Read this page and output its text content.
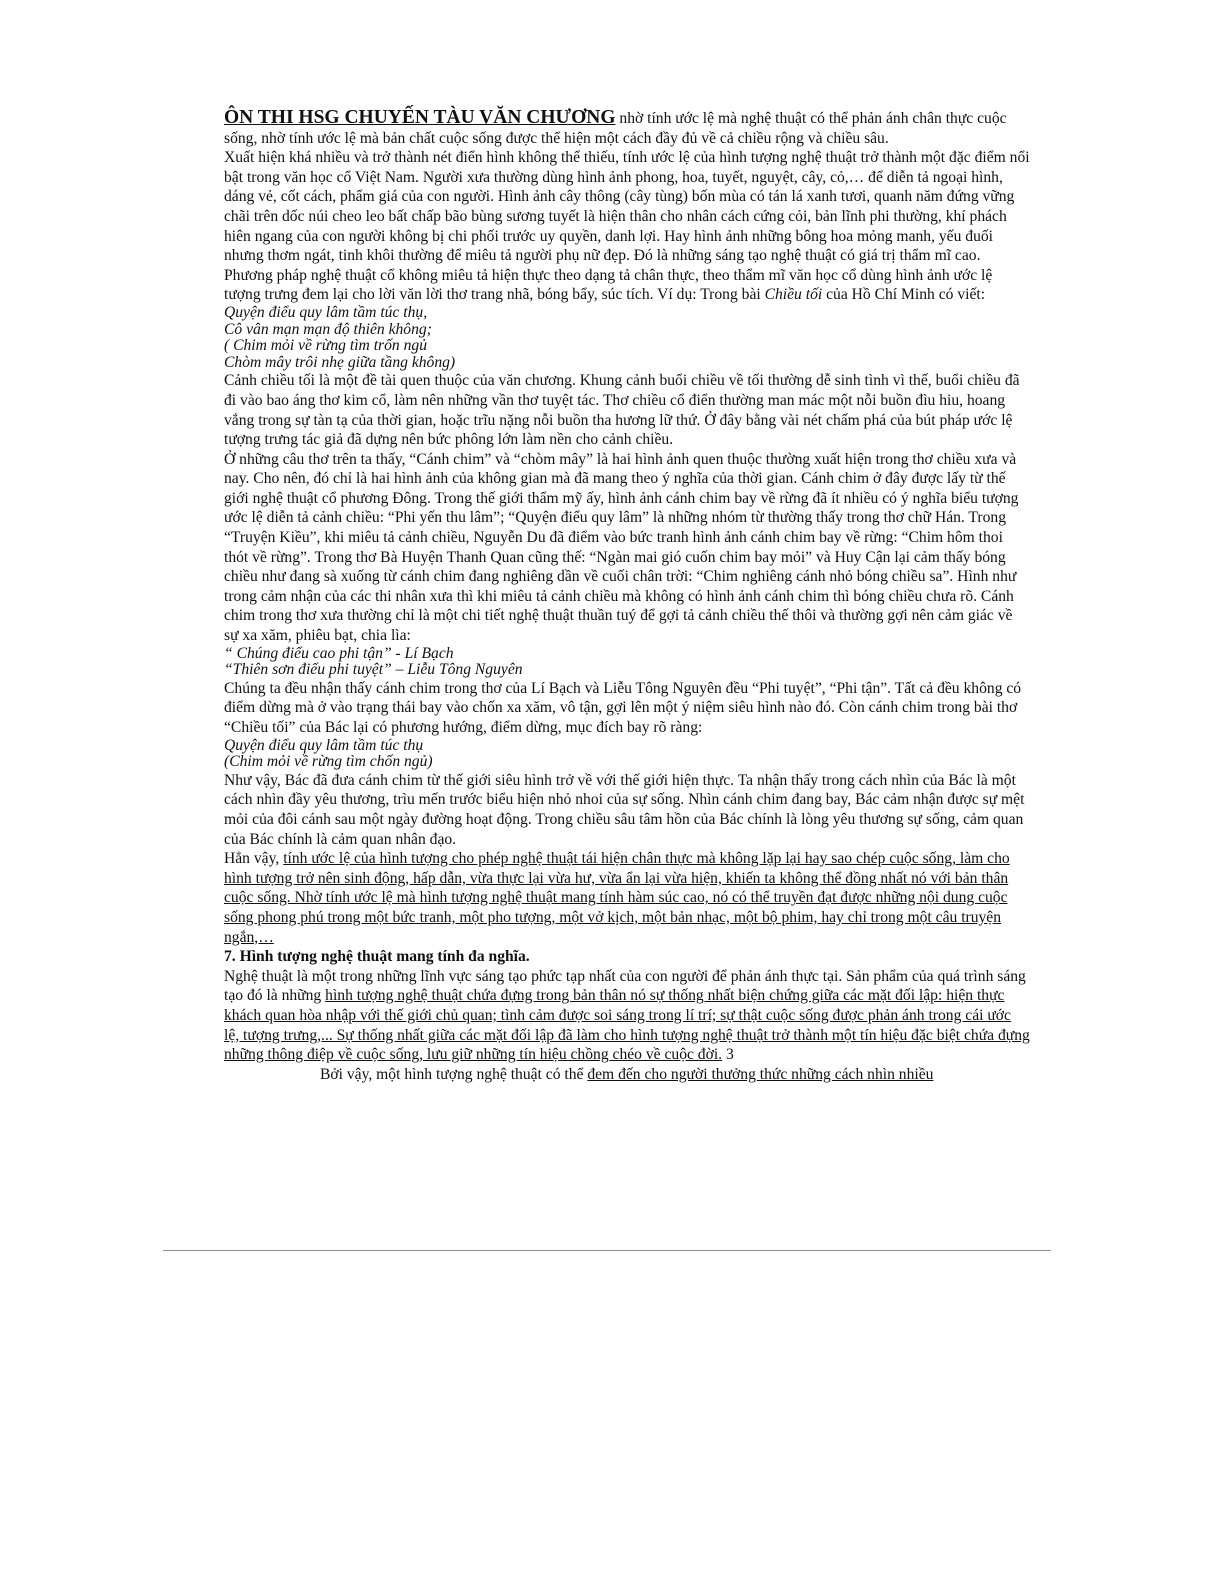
ÔN THI HSG CHUYẾN TÀU VĂN CHƯƠNG nhờ tính ước lệ mà nghệ thuật có thể phản ánh chân thực cuộc sống, nhờ tính ước lệ mà bản chất cuộc sống được thể hiện một cách đầy đủ về cả chiều rộng và chiều sâu.

Xuất hiện khá nhiều và trở thành nét điển hình không thể thiếu, tính ước lệ của hình tượng nghệ thuật trở thành một đặc điểm nổi bật trong văn học cổ Việt Nam. Người xưa thường dùng hình ảnh phong, hoa, tuyết, nguyệt, cây, cỏ,… để diễn tả ngoại hình, dáng vẻ, cốt cách, phẩm giá của con người. Hình ảnh cây thông (cây tùng) bốn mùa có tán lá xanh tươi, quanh năm đứng vững chãi trên dốc núi cheo leo bất chấp bão bùng sương tuyết là hiện thân cho nhân cách cứng cỏi, bản lĩnh phi thường, khí phách hiên ngang của con người không bị chi phối trước uy quyền, danh lợi. Hay hình ảnh những bông hoa mỏng manh, yếu đuối nhưng thơm ngát, tinh khôi thường để miêu tả người phụ nữ đẹp. Đó là những sáng tạo nghệ thuật có giá trị thẩm mĩ cao. Phương pháp nghệ thuật cổ không miêu tả hiện thực theo dạng tả chân thực, theo thẩm mĩ văn học cổ dùng hình ảnh ước lệ tượng trưng đem lại cho lời văn lời thơ trang nhã, bóng bẩy, súc tích. Ví dụ: Trong bài Chiều tối của Hồ Chí Minh có viết:

Quyện điểu quy lâm tầm túc thụ,

Cô vân mạn mạn độ thiên không;

( Chim mỏi về rừng tìm trốn ngủ

Chòm mây trôi nhẹ giữa tầng không)

Cảnh chiều tối là một đề tài quen thuộc của văn chương. Khung cảnh buổi chiều về tối thường dễ sinh tình vì thế, buổi chiều đã đi vào bao áng thơ kim cổ, làm nên những vần thơ tuyệt tác. Thơ chiều cổ điển thường man mác một nỗi buồn đìu hiu, hoang vắng trong sự tàn tạ của thời gian, hoặc trĩu nặng nỗi buồn tha hương lữ thứ. Ở đây bằng vài nét chấm phá của bút pháp ước lệ tượng trưng tác giả đã dựng nên bức phông lớn làm nền cho cảnh chiều.

Ở những câu thơ trên ta thấy, “Cánh chim” và “chòm mây” là hai hình ảnh quen thuộc thường xuất hiện trong thơ chiều xưa và nay. Cho nên, đó chỉ là hai hình ảnh của không gian mà đã mang theo ý nghĩa của thời gian. Cánh chim ở đây được lấy từ thế giới nghệ thuật cổ phương Đông. Trong thế giới thẩm mỹ ấy, hình ảnh cánh chim bay về rừng đã ít nhiều có ý nghĩa biểu tượng ước lệ diễn tả cảnh chiều: “Phi yến thu lâm”; “Quyện điểu quy lâm” là những nhóm từ thường thấy trong thơ chữ Hán. Trong “Truyện Kiều”, khi miêu tả cảnh chiều, Nguyễn Du đã điểm vào bức tranh hình ảnh cánh chim bay về rừng: “Chim hôm thoi thót về rừng”. Trong thơ Bà Huyện Thanh Quan cũng thế: “Ngàn mai gió cuốn chim bay mỏi” và Huy Cận lại cảm thấy bóng chiều như đang sà xuống từ cánh chim đang nghiêng dần về cuối chân trời: “Chim nghiêng cánh nhỏ bóng chiều sa”. Hình như trong cảm nhận của các thi nhân xưa thì khi miêu tả cảnh chiều mà không có hình ảnh cánh chim thì bóng chiều chưa rõ. Cánh chim trong thơ xưa thường chỉ là một chi tiết nghệ thuật thuần tuý để gợi tả cảnh chiều thế thôi và thường gợi nên cảm giác về sự xa xăm, phiêu bạt, chia lìa:

“ Chúng điểu cao phi tận” - Lí Bạch

“Thiên sơn điểu phi tuyệt” – Liễu Tông Nguyên

Chúng ta đều nhận thấy cánh chim trong thơ của Lí Bạch và Liễu Tông Nguyên đều “Phi tuyệt”, “Phi tận”. Tất cả đều không có điểm dừng mà ở vào trạng thái bay vào chốn xa xăm, vô tận, gợi lên một ý niệm siêu hình nào đó. Còn cánh chim trong bài thơ “Chiều tối” của Bác lại có phương hướng, điểm dừng, mục đích bay rõ ràng:

Quyện điểu quy lâm tầm túc thụ

(Chim mỏi về rừng tìm chốn ngủ)

Như vậy, Bác đã đưa cánh chim từ thế giới siêu hình trở về với thế giới hiện thực. Ta nhận thấy trong cách nhìn của Bác là một cách nhìn đầy yêu thương, trìu mến trước biểu hiện nhỏ nhoi của sự sống. Nhìn cánh chim đang bay, Bác cảm nhận được sự mệt mỏi của đôi cánh sau một ngày đường hoạt động. Trong chiều sâu tâm hồn của Bác chính là lòng yêu thương sự sống, cảm quan của Bác chính là cảm quan nhân đạo.

Hẳn vậy, tính ước lệ của hình tượng cho phép nghệ thuật tái hiện chân thực mà không lặp lại hay sao chép cuộc sống, làm cho hình tượng trở nên sinh động, hấp dẫn, vừa thực lại vừa hư, vừa ẩn lại vừa hiện, khiến ta không thể đồng nhất nó với bản thân cuộc sống. Nhờ tính ước lệ mà hình tượng nghệ thuật mang tính hàm súc cao, nó có thể truyền đạt được những nội dung cuộc sống phong phú trong một bức tranh, một pho tượng, một vở kịch, một bản nhạc, một bộ phim, hay chỉ trong một câu truyện ngắn,…

7. Hình tượng nghệ thuật mang tính đa nghĩa.

Nghệ thuật là một trong những lĩnh vực sáng tạo phức tạp nhất của con người để phản ánh thực tại. Sản phẩm của quá trình sáng tạo đó là những hình tượng nghệ thuật chứa đựng trong bản thân nó sự thống nhất biện chứng giữa các mặt đối lập: hiện thực khách quan hòa nhập với thế giới chủ quan; tình cảm được soi sáng trong lí trí; sự thật cuộc sống được phản ánh trong cái ước lệ, tượng trưng,... Sự thống nhất giữa các mặt đối lập đã làm cho hình tượng nghệ thuật trở thành một tín hiệu đặc biệt chứa đựng những thông điệp về cuộc sống, lưu giữ những tín hiệu chồng chéo về cuộc đời. 3

Bởi vậy, một hình tượng nghệ thuật có thể đem đến cho người thưởng thức những cách nhìn nhiều
